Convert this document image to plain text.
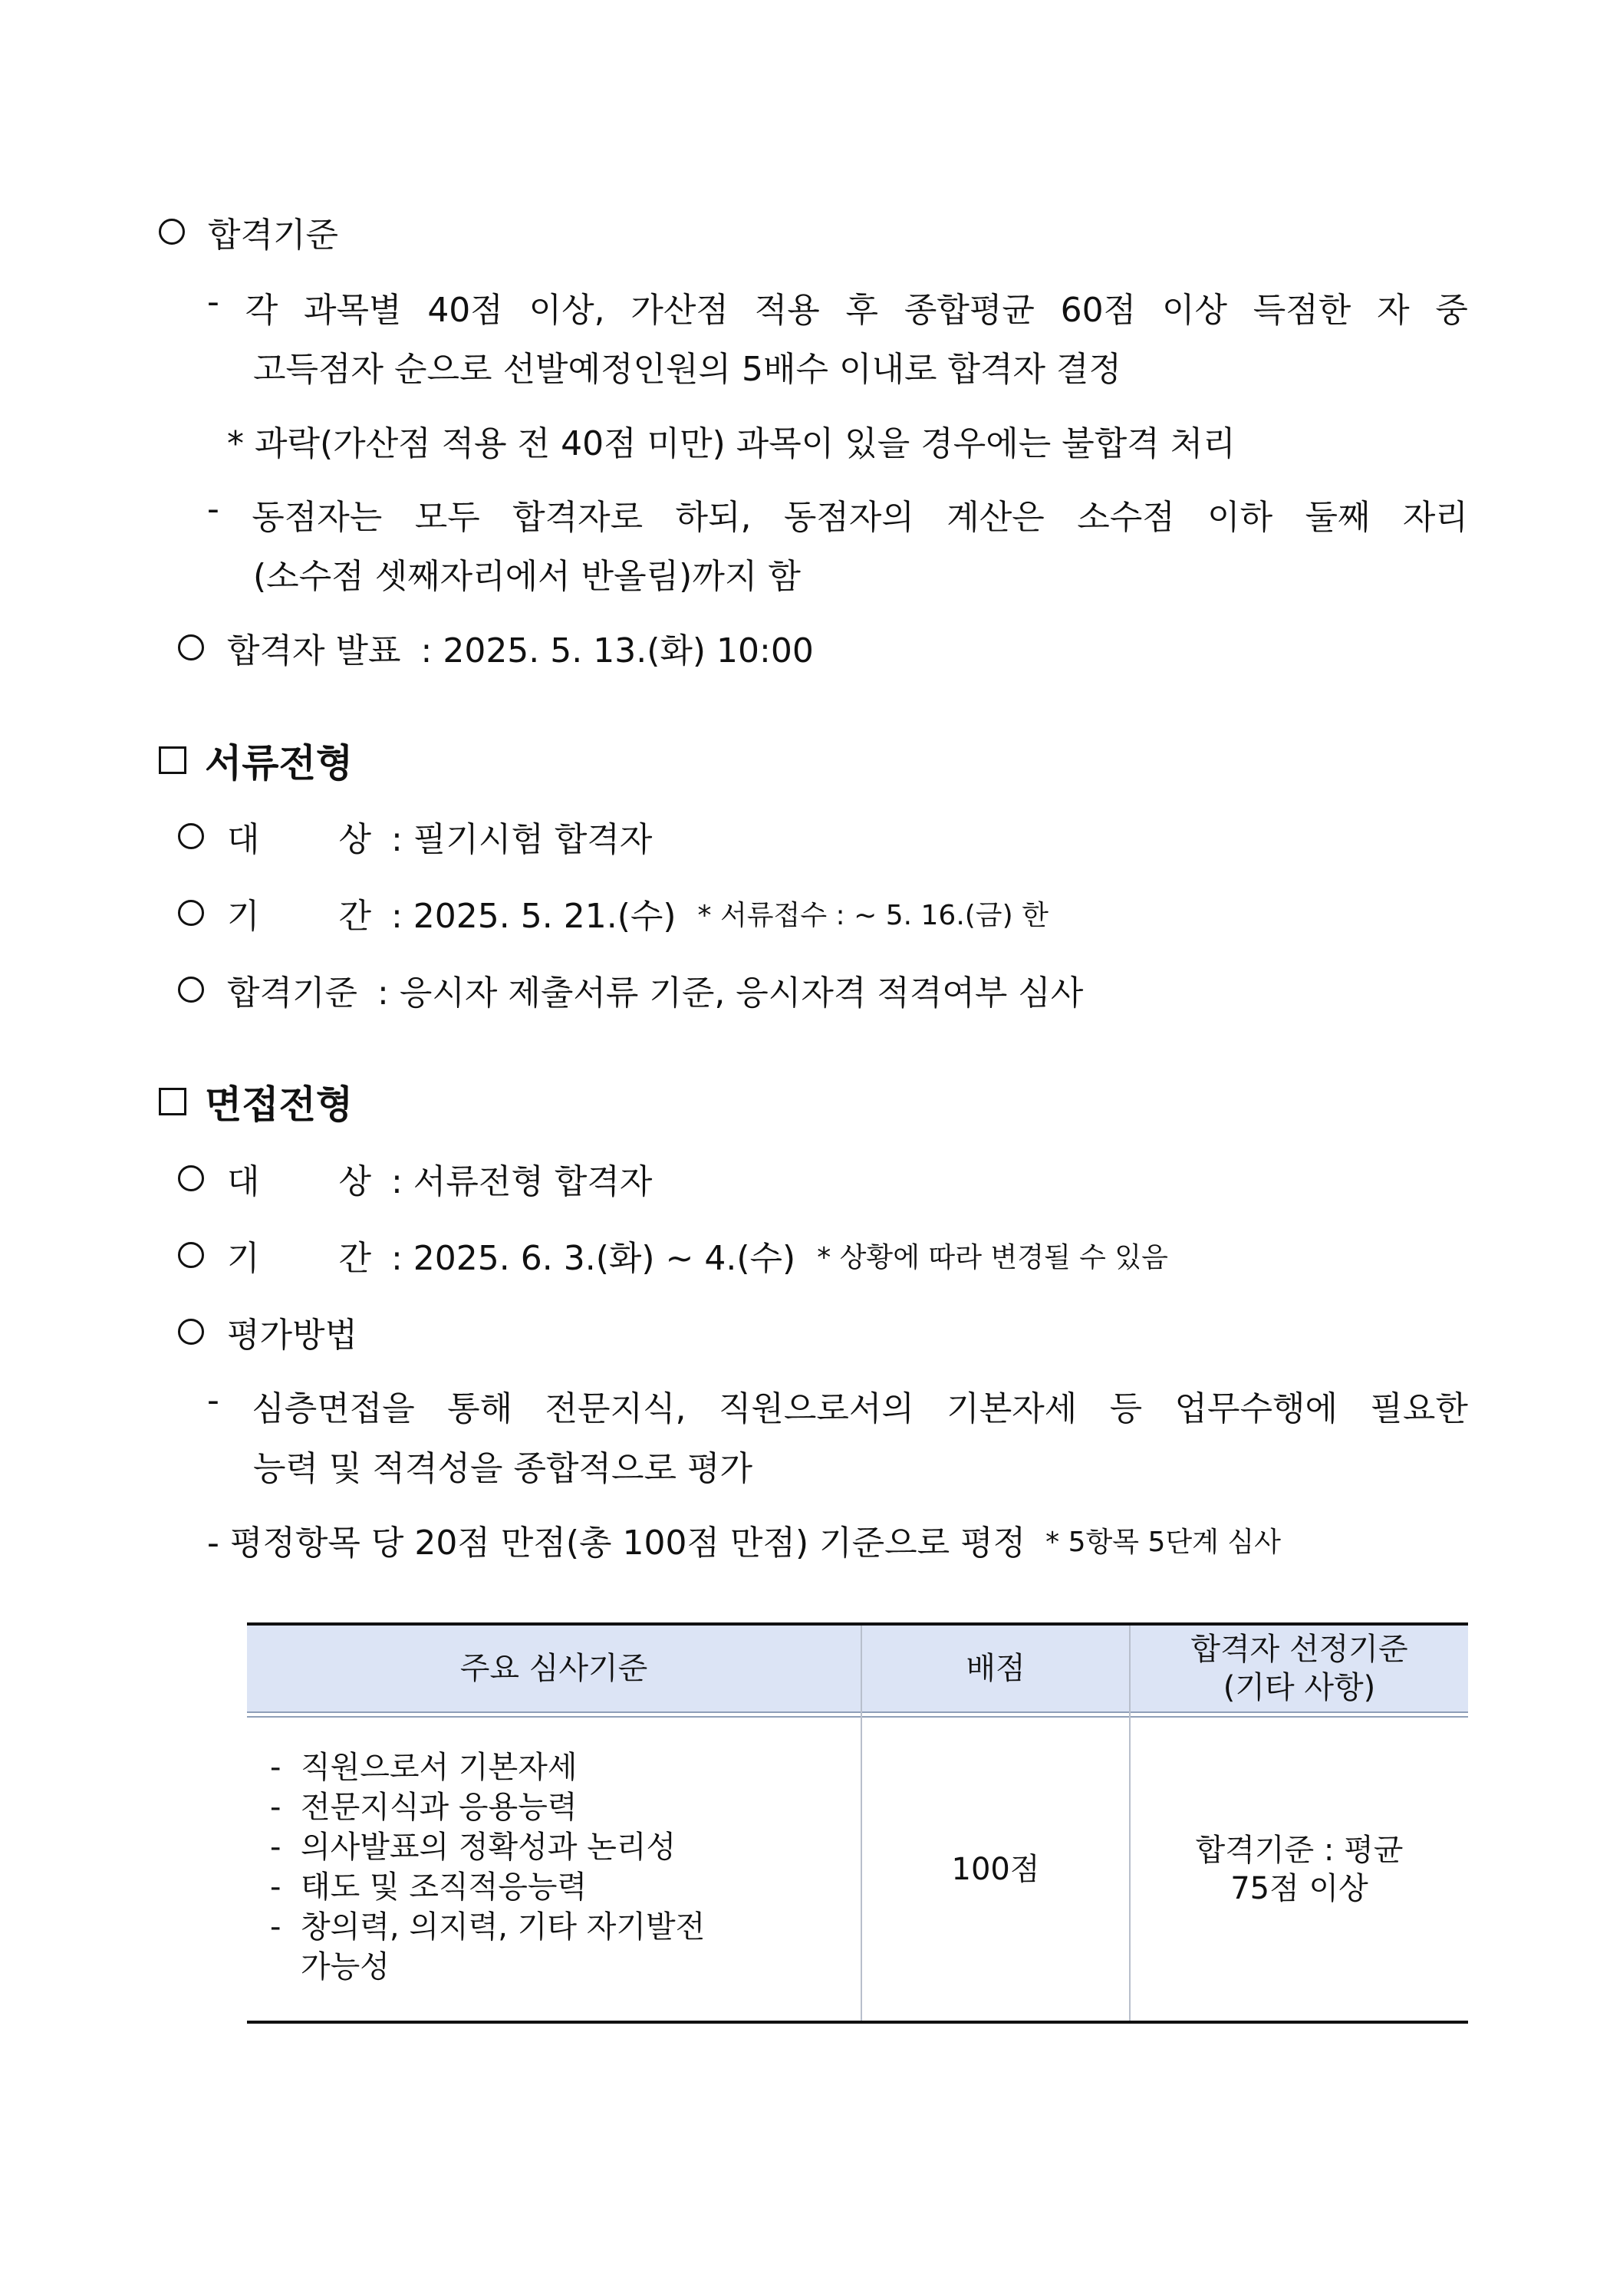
합격기준
- 각 과목별 40점 이상, 가산점 적용 후 종합평균 60점 이상 득점한 자 중
고득점자 순으로 선발예정인원의 5배수 이내로 합격자 결정
* 과락(가산점 적용 전 40점 미만) 과목이 있을 경우에는 불합격 처리
- 동점자는 모두 합격자로 하되, 동점자의 계산은 소수점 이하 둘째 자리
(소수점 셋째자리에서 반올림)까지 함
합격자 발표 : 2025. 5. 13.(화) 10:00
서류전형
대 상 : 필기시험 합격자
기 간 : 2025. 5. 21.(수) * 서류접수 : ~ 5. 16.(금) 한
합격기준 : 응시자 제출서류 기준, 응시자격 적격여부 심사
면접전형
대 상 : 서류전형 합격자
기 간 : 2025. 6. 3.(화) ~ 4.(수) * 상황에 따라 변경될 수 있음
평가방법
- 심층면접을 통해 전문지식, 직원으로서의 기본자세 등 업무수행에 필요한
능력 및 적격성을 종합적으로 평가
- 평정항목 당 20점 만점(총 100점 만점) 기준으로 평정 * 5항목 5단계 심사
주요 심사기준	배점
합격자 선정기준
(기타 사항)
- 직원으로서 기본자세
- 전문지식과 응용능력
- 의사발표의 정확성과 논리성
- 태도 및 조직적응능력
- 창의력, 의지력, 기타 자기발전
가능성
100점
합격기준 : 평균
75점 이상
